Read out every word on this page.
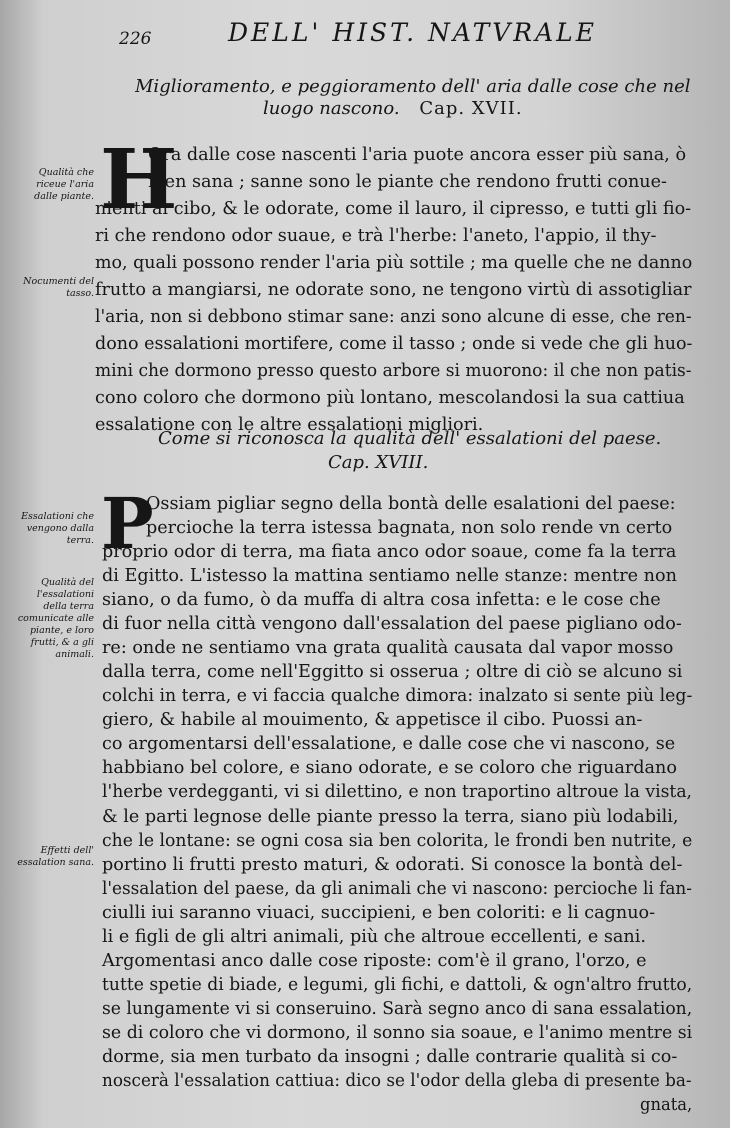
226	DELL' HIST. NATVRALE
Miglioramento, e peggioramento dell' aria dalle cose che nel
luogo nascono. Cap. XVII.
Qualità che riceue l'aria dalle piante.
Nocumenti del tasso.
H
Ora dalle cose nascenti l'aria puote ancora esser più sana, ò
men sana ; sanne sono le piante che rendono frutti conue-
nienti al cibo, & le odorate, come il lauro, il cipresso, e tutti gli fio-
ri che rendono odor suaue, e trà l'herbe: l'aneto, l'appio, il thy-
mo, quali possono render l'aria più sottile ; ma quelle che ne danno
frutto a mangiarsi, ne odorate sono, ne tengono virtù di assotigliar
l'aria, non si debbono stimar sane: anzi sono alcune di esse, che ren-
dono essalationi mortifere, come il tasso ; onde si vede che gli huo-
mini che dormono presso questo arbore si muorono: il che non patis-
cono coloro che dormono più lontano, mescolandosi la sua cattiua
essalatione con le altre essalationi migliori.
Come si riconosca la qualità dell' essalationi del paese.
Cap. XVIII.
Essalationi che vengono dalla terra.
Qualità del l'essalationi della terra comunicate alle piante, e loro frutti, & a gli animali.
Effetti dell' essalation sana.
P
Ossiam pigliar segno della bontà delle esalationi del paese:
percioche la terra istessa bagnata, non solo rende vn certo
proprio odor di terra, ma fiata anco odor soaue, come fa la terra
di Egitto. L'istesso la mattina sentiamo nelle stanze: mentre non
siano, o da fumo, ò da muffa di altra cosa infetta: e le cose che
di fuor nella città vengono dall'essalation del paese pigliano odo-
re: onde ne sentiamo vna grata qualità causata dal vapor mosso
dalla terra, come nell'Eggitto si osserua ; oltre di ciò se alcuno si
colchi in terra, e vi faccia qualche dimora: inalzato si sente più leg-
giero, & habile al mouimento, & appetisce il cibo. Puossi an-
co argomentarsi dell'essalatione, e dalle cose che vi nascono, se
habbiano bel colore, e siano odorate, e se coloro che riguardano
l'herbe verdegganti, vi si dilettino, e non traportino altroue la vista,
& le parti legnose delle piante presso la terra, siano più lodabili,
che le lontane: se ogni cosa sia ben colorita, le frondi ben nutrite, e
portino li frutti presto maturi, & odorati. Si conosce la bontà del-
l'essalation del paese, da gli animali che vi nascono: percioche li fan-
ciulli iui saranno viuaci, succipieni, e ben coloriti: e li cagnuo-
li e figli de gli altri animali, più che altroue eccellenti, e sani.
Argomentasi anco dalle cose riposte: com'è il grano, l'orzo, e
tutte spetie di biade, e legumi, gli fichi, e dattoli, & ogn'altro frutto,
se lungamente vi si conseruino. Sarà segno anco di sana essalation,
se di coloro che vi dormono, il sonno sia soaue, e l'animo mentre si
dorme, sia men turbato da insogni ; dalle contrarie qualità si co-
noscerà l'essalation cattiua: dico se l'odor della gleba di presente ba-
gnata,
